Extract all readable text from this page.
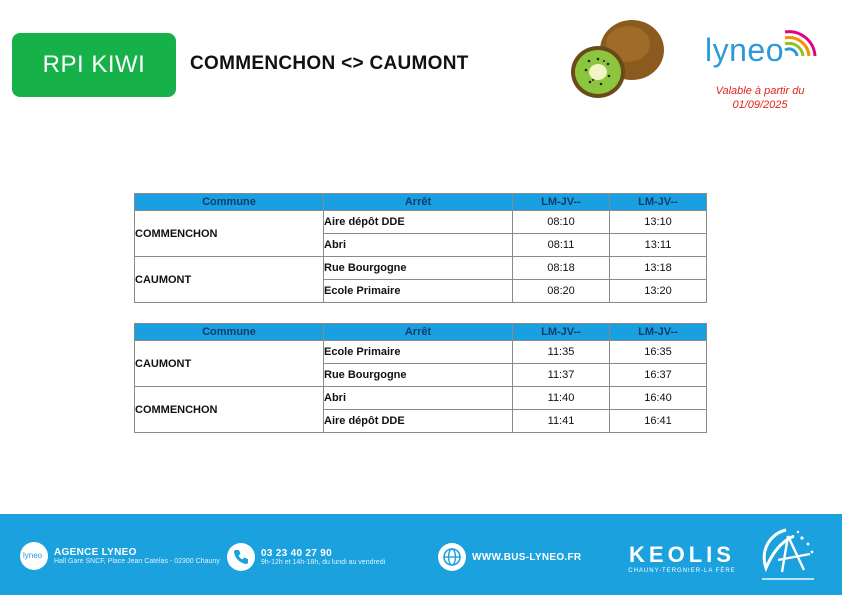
RPI KIWI COMMENCHON <> CAUMONT	lyneo
Valable à partir du
01/09/2025
Commune	Arrêt	LM-JV--	LM-JV--
COMMENCHON	Aire dépôt DDE	08:10	13:10
	Abri	08:11	13:11
CAUMONT	Rue Bourgogne	08:18	13:18
	Ecole Primaire	08:20	13:20
Commune	Arrêt	LM-JV--	LM-JV--
CAUMONT	Ecole Primaire	11:35	16:35
	Rue Bourgogne	11:37	16:37
COMMENCHON	Abri	11:40	16:40
	Aire dépôt DDE	11:41	16:41
lyneo AGENCE LYNEO
Hall Gare SNCF, Place Jean Catelas - 02300 Chauny
03 23 40 27 90
9h-12h et 14h-18h, du lundi au vendredi	WWW.BUS-LYNEO.FR KEOLIS
CHAUNY-TERGNIER-LA FÈRE
